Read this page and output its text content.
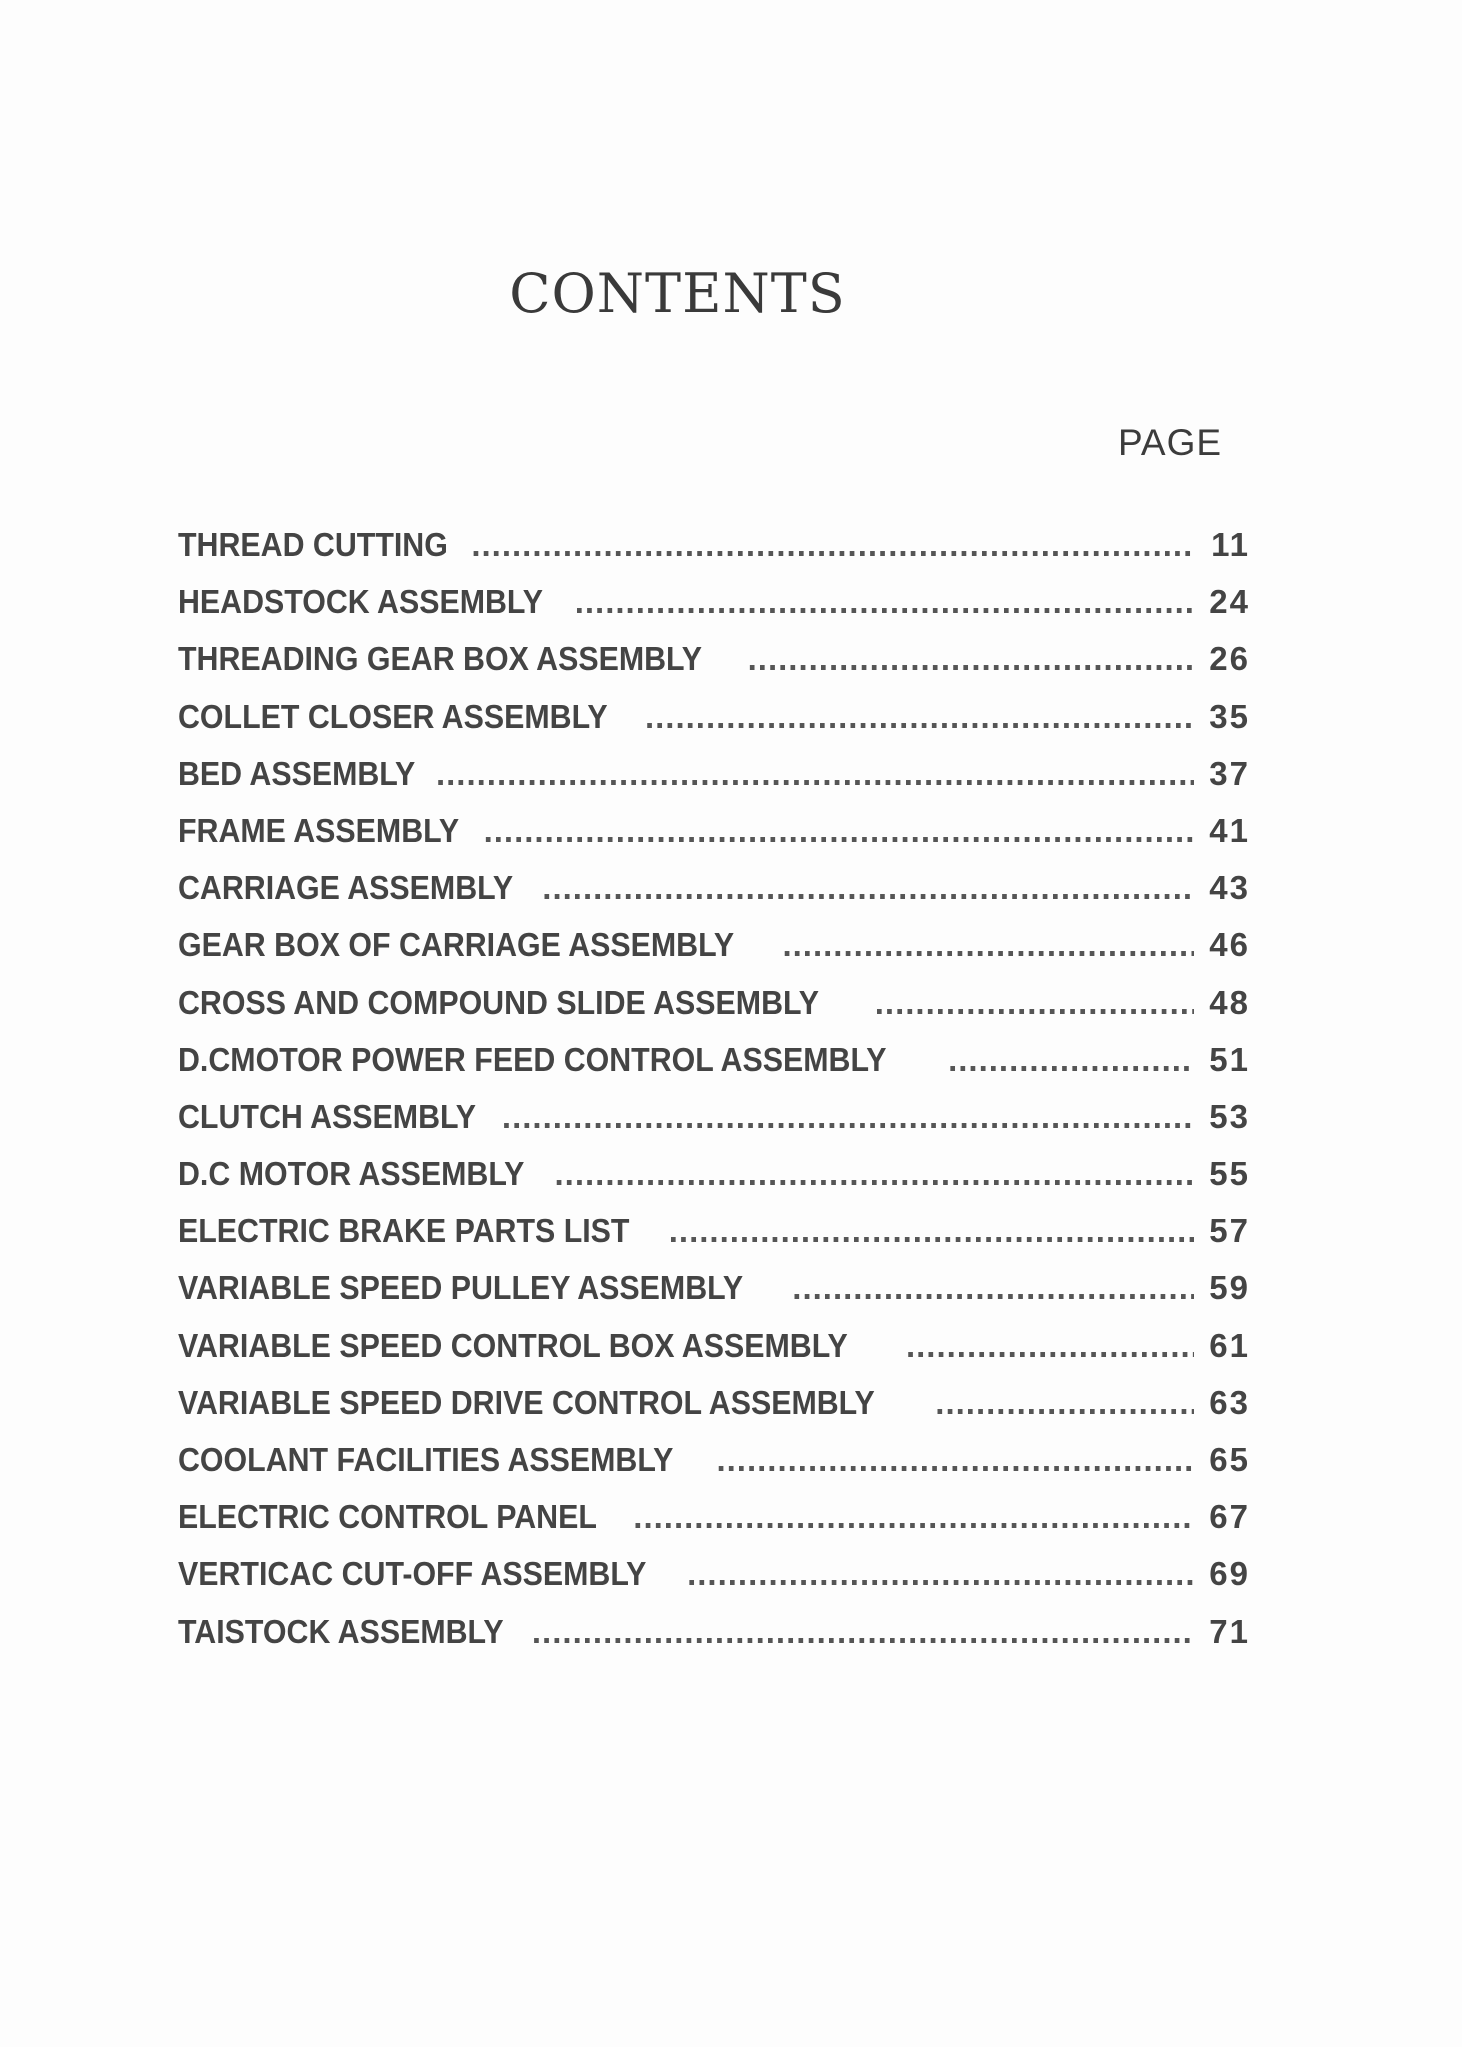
CONTENTS
PAGE
THREAD CUTTING .....	11
HEADSTOCK ASSEMBLY .....	24
THREADING GEAR BOX ASSEMBLY .....	26
COLLET CLOSER ASSEMBLY .....	35
BED ASSEMBLY .....	37
FRAME ASSEMBLY .....	41
CARRIAGE ASSEMBLY .....	43
GEAR BOX OF CARRIAGE ASSEMBLY .....	46
CROSS AND COMPOUND SLIDE ASSEMBLY .....	48
D.CMOTOR POWER FEED CONTROL ASSEMBLY .....	51
CLUTCH ASSEMBLY .....	53
D.C MOTOR ASSEMBLY .....	55
ELECTRIC BRAKE PARTS LIST .....	57
VARIABLE SPEED PULLEY ASSEMBLY .....	59
VARIABLE SPEED CONTROL BOX ASSEMBLY .....	61
VARIABLE SPEED DRIVE CONTROL ASSEMBLY .....	63
COOLANT FACILITIES ASSEMBLY .....	65
ELECTRIC CONTROL PANEL .....	67
VERTICAC CUT-OFF ASSEMBLY .....	69
TAISTOCK ASSEMBLY .....	71
